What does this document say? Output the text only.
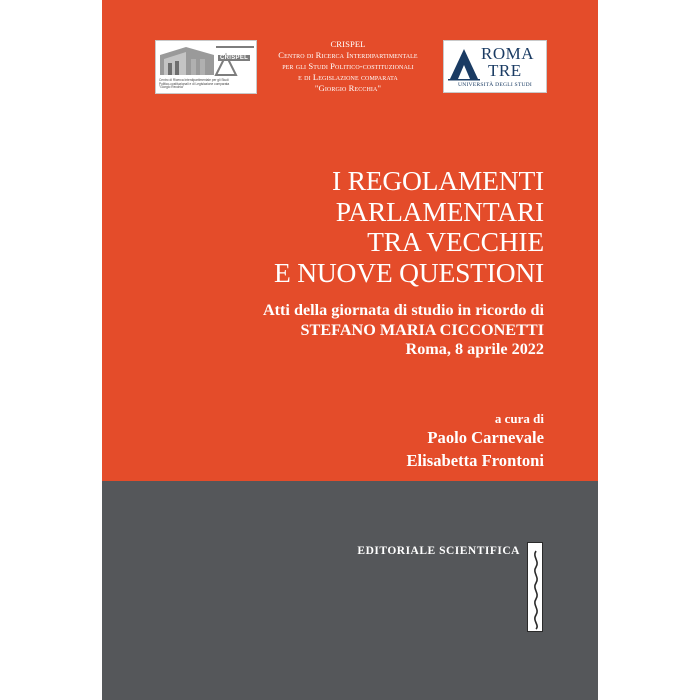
CRISPEL
Centro di Ricerca Interdipartimentale per gli Studi
Politico-costituzionali e di Legislazione comparata
"Giorgio Recchia"
CRISPEL
Centro di Ricerca Interdipartimentale
per gli Studi Politico-costituzionali
e di Legislazione comparata
"Giorgio Recchia"
ROMA
TRE
UNIVERSITÀ DEGLI STUDI
I REGOLAMENTI
PARLAMENTARI
TRA VECCHIE
E NUOVE QUESTIONI
Atti della giornata di studio in ricordo di
STEFANO MARIA CICCONETTI
Roma, 8 aprile 2022
a cura di
Paolo Carnevale
Elisabetta Frontoni
EDITORIALE SCIENTIFICA
